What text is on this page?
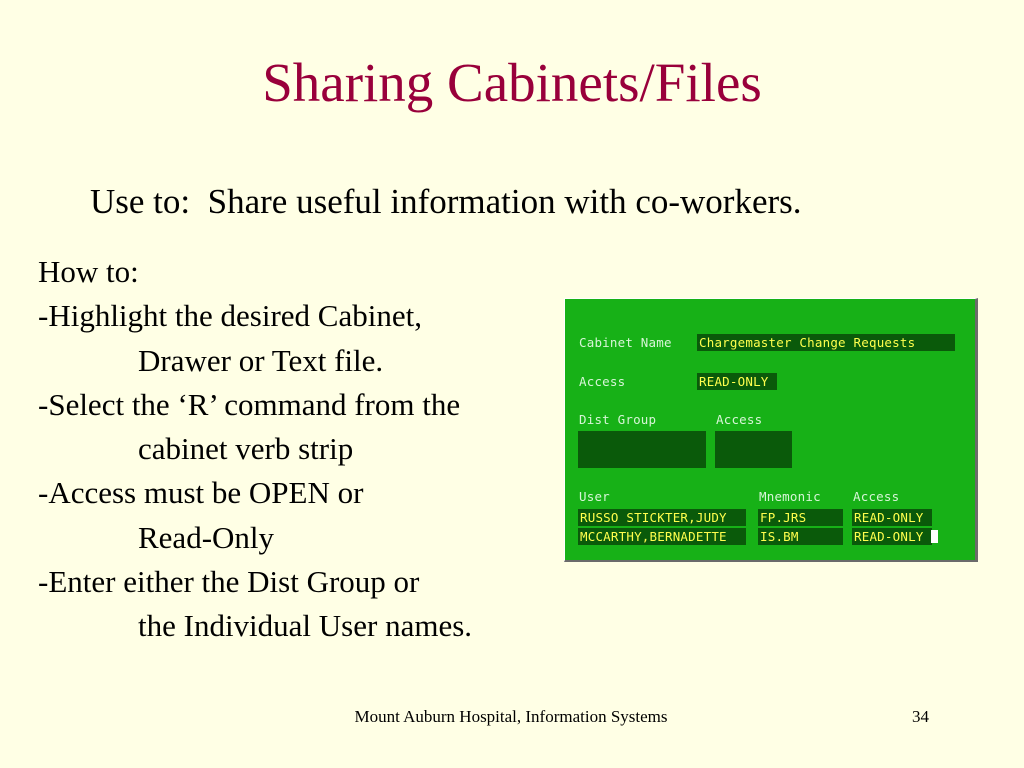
Sharing Cabinets/Files
Use to:  Share useful information with co-workers.
How to:
-Highlight the desired Cabinet,
Drawer or Text file.
-Select the ‘R’ command from the
cabinet verb strip
-Access must be OPEN or
Read-Only
-Enter either the Dist Group or
the Individual User names.
Cabinet Name Chargemaster Change Requests
Access	READ-ONLY
Dist Group	Access
User	Mnemonic	Access
RUSSO STICKTER,JUDY	FP.JRS	READ-ONLY
MCCARTHY,BERNADETTE	IS.BM	READ-ONLY
Mount Auburn Hospital, Information Systems	34
